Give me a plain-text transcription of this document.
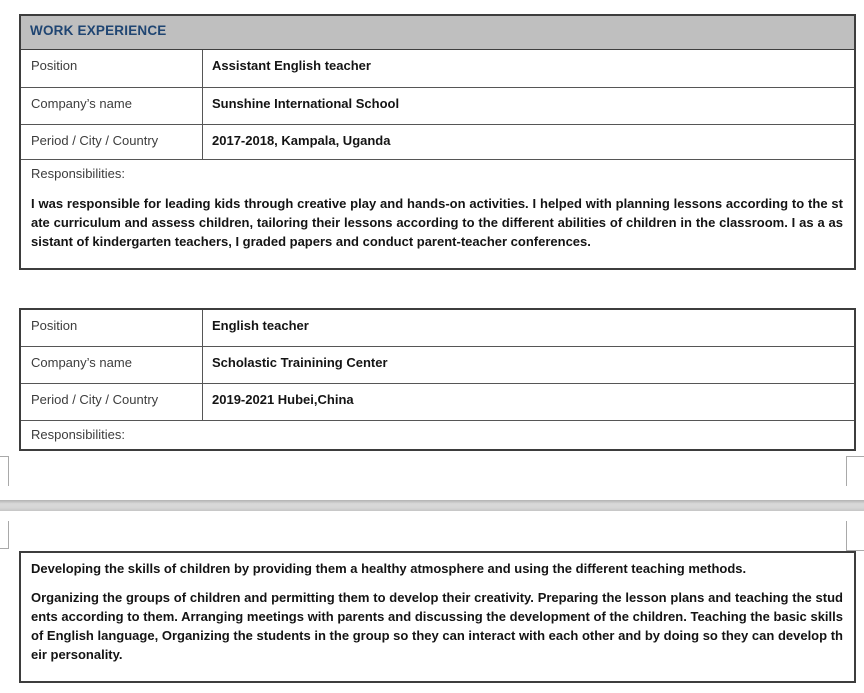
WORK EXPERIENCE
Position	Assistant English teacher
Company’s name	Sunshine International School
Period / City / Country	2017-2018, Kampala, Uganda
Responsibilities:
I was responsible for leading kids through creative play and hands-on activities. I helped with planning lessons according to the state curriculum and assess children, tailoring their lessons according to the different abilities of children in the classroom. I as a assistant of kindergarten teachers, I graded papers and conduct parent-teacher conferences.
Position	English teacher
Company’s name	Scholastic Trainining Center
Period / City / Country	2019-2021 Hubei,China
Responsibilities:
Developing the skills of children by providing them a healthy atmosphere and using the different teaching methods.
Organizing the groups of children and permitting them to develop their creativity. Preparing the lesson plans and teaching the students according to them. Arranging meetings with parents and discussing the development of the children. Teaching the basic skills of English language, Organizing the students in the group so they can interact with each other and by doing so they can develop their personality.
